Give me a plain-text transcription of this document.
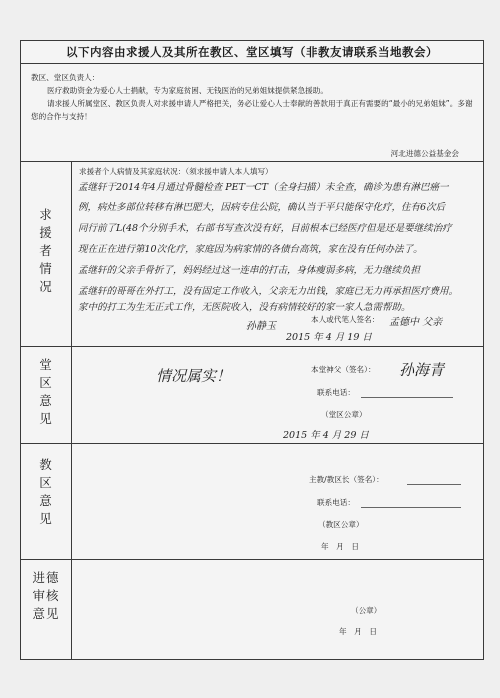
以下内容由求援人及其所在教区、堂区填写（非教友请联系当地教会）

教区、堂区负责人：

医疗救助资金为爱心人士捐献，专为家庭贫困、无钱医治的兄弟姐妹提供紧急援助。

请求援人所属堂区、教区负责人对求援申请人严格把关，务必让爱心人士奉献的善款用于真正有需要的“最小的兄弟姐妹”。多谢您的合作与支持！

河北进德公益基金会
求援者情况
求援者个人病情及其家庭状况：（须求援申请人本人填写）
孟继轩于2014年4月通过骨髓检查 PET一CT（全身扫描）未全查，确诊为患有淋巴癌一
例，病灶多部位转移有淋巴肥大，因病专住公院，确认当于平只能保守化疗，住有6次后
同行前了L(48个分别手术，右部书写查次没有好，目前根本已经医疗但是还是要继续治疗
现在正在进行第10次化疗，家庭因为病家情的各债台高筑，家在没有任何办法了。
孟继轩的父亲手骨折了，妈妈经过这一连串的打击，身体瘦弱多病，无力继续负担
孟继轩的哥哥在外打工，没有固定工作收入，父亲无力出钱，家庭已无力再承担医疗费用。
家中的打工为生无正式工作，无医院收入，没有病情较好的家一家人急需帮助。
本人或代笔人签名： 孟德中 父亲
孙静玉
2015 年 4 月 19 日
堂区意见
情况属实！	本堂神父（签名）： 孙海青
联系电话：
（堂区公章）
2015 年 4 月 29 日
教区意见
主教/教区长（签名）：
联系电话：
（教区公章）
年　月　日
进德审核意见	（公章）
年　月　日
